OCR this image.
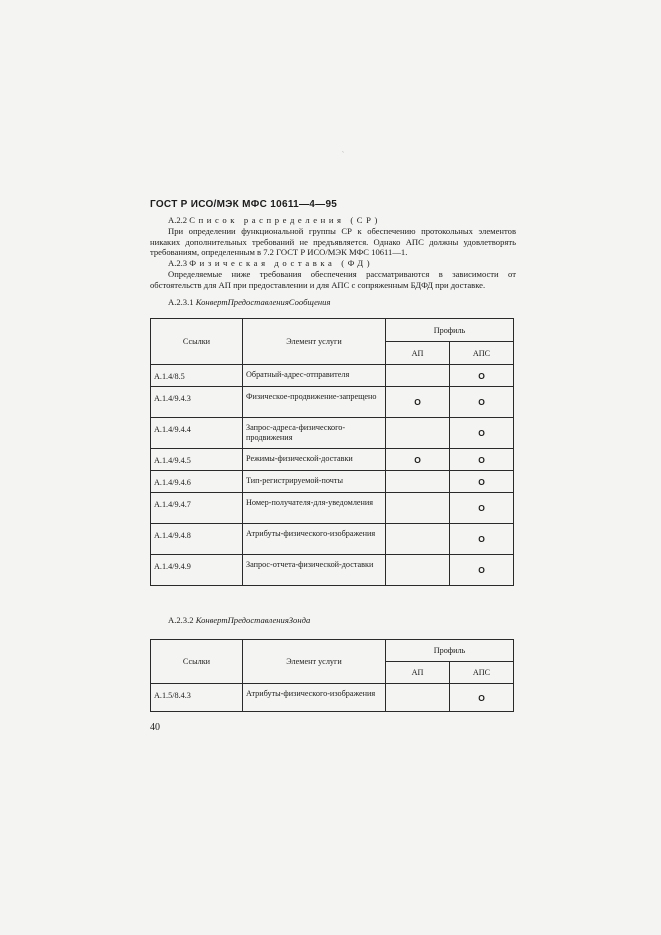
`
ГОСТ Р ИСО/МЭК МФС 10611—4—95
А.2.2 Список распределения (СР)
При определении функциональной группы СР к обеспечению протокольных элементов никаких дополнительных требований не предъявляется. Однако АПС должны удовлетворять требованиям, определенным в 7.2 ГОСТ Р ИСО/МЭК МФС 10611—1.
А.2.3 Физическая доставка (ФД)
Определяемые ниже требования обеспечения рассматриваются в зависимости от обстоятельств для АП при предоставлении и для АПС с сопряженным БДФД при доставке.
А.2.3.1 КонвертПредоставленияСообщения
Ссылки	Элемент услуги	Профиль	
		АП	АПС
А.1.4/8.5	Обратный-адрес-отправителя		О
А.1.4/9.4.3	Физическое-продвижение-запрещено	О	О
А.1.4/9.4.4	Запрос-адреса-физического-продвижения		О
А.1.4/9.4.5	Режимы-физической-доставки	О	О
А.1.4/9.4.6	Тип-регистрируемой-почты		О
А.1.4/9.4.7	Номер-получателя-для-уведомления		О
А.1.4/9.4.8	Атрибуты-физического-изображения		О
А.1.4/9.4.9	Запрос-отчета-физической-доставки		О
А.2.3.2 КонвертПредоставленияЗонда
Ссылки	Элемент услуги	Профиль	
		АП	АПС
А.1.5/8.4.3	Атрибуты-физического-изображения		О
40
